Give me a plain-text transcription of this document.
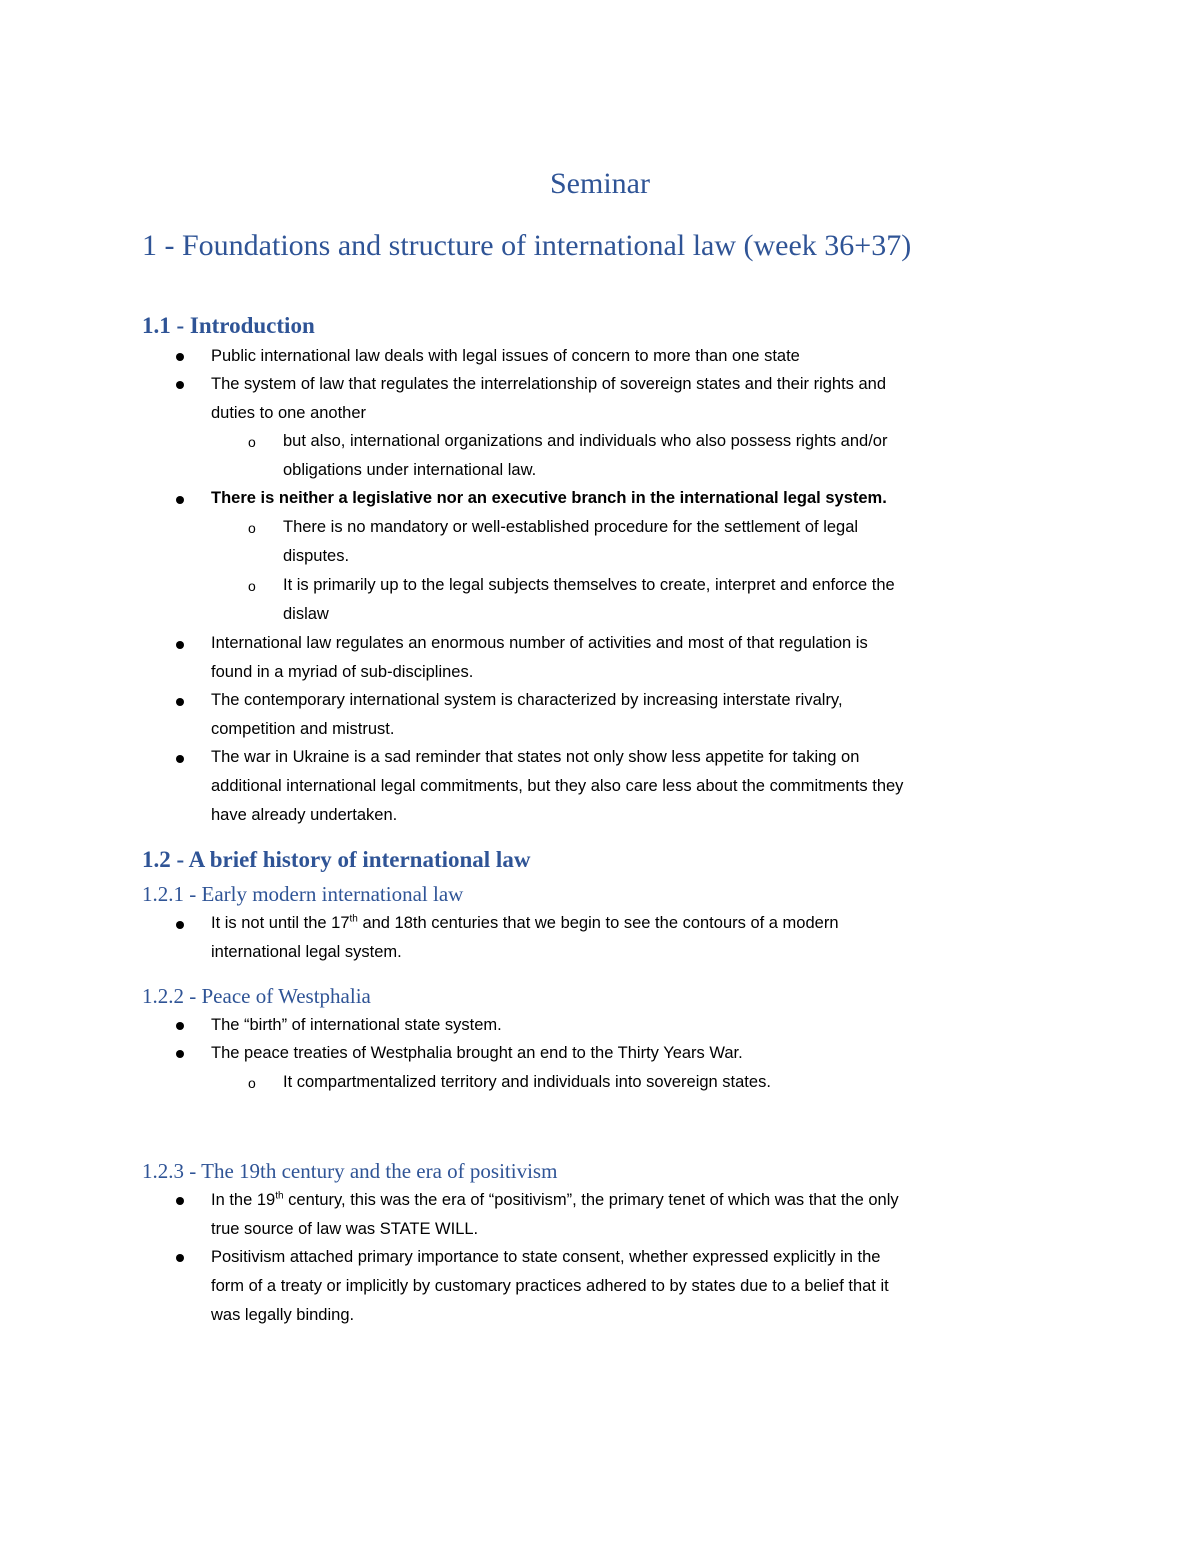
Seminar
1 - Foundations and structure of international law (week 36+37)
1.1 - Introduction
Public international law deals with legal issues of concern to more than one state
The system of law that regulates the interrelationship of sovereign states and their rights and
duties to one another
o but also, international organizations and individuals who also possess rights and/or
obligations under international law.
There is neither a legislative nor an executive branch in the international legal system.
o There is no mandatory or well-established procedure for the settlement of legal
disputes.
o It is primarily up to the legal subjects themselves to create, interpret and enforce the
dislaw
International law regulates an enormous number of activities and most of that regulation is
found in a myriad of sub-disciplines.
The contemporary international system is characterized by increasing interstate rivalry,
competition and mistrust.
The war in Ukraine is a sad reminder that states not only show less appetite for taking on
additional international legal commitments, but they also care less about the commitments they
have already undertaken.
1.2 - A brief history of international law
1.2.1 - Early modern international law
It is not until the 17th and 18th centuries that we begin to see the contours of a modern
international legal system.
1.2.2 - Peace of Westphalia
The “birth” of international state system.
The peace treaties of Westphalia brought an end to the Thirty Years War.
o It compartmentalized territory and individuals into sovereign states.
1.2.3 - The 19th century and the era of positivism
In the 19th century, this was the era of “positivism”, the primary tenet of which was that the only
true source of law was STATE WILL.
Positivism attached primary importance to state consent, whether expressed explicitly in the
form of a treaty or implicitly by customary practices adhered to by states due to a belief that it
was legally binding.
